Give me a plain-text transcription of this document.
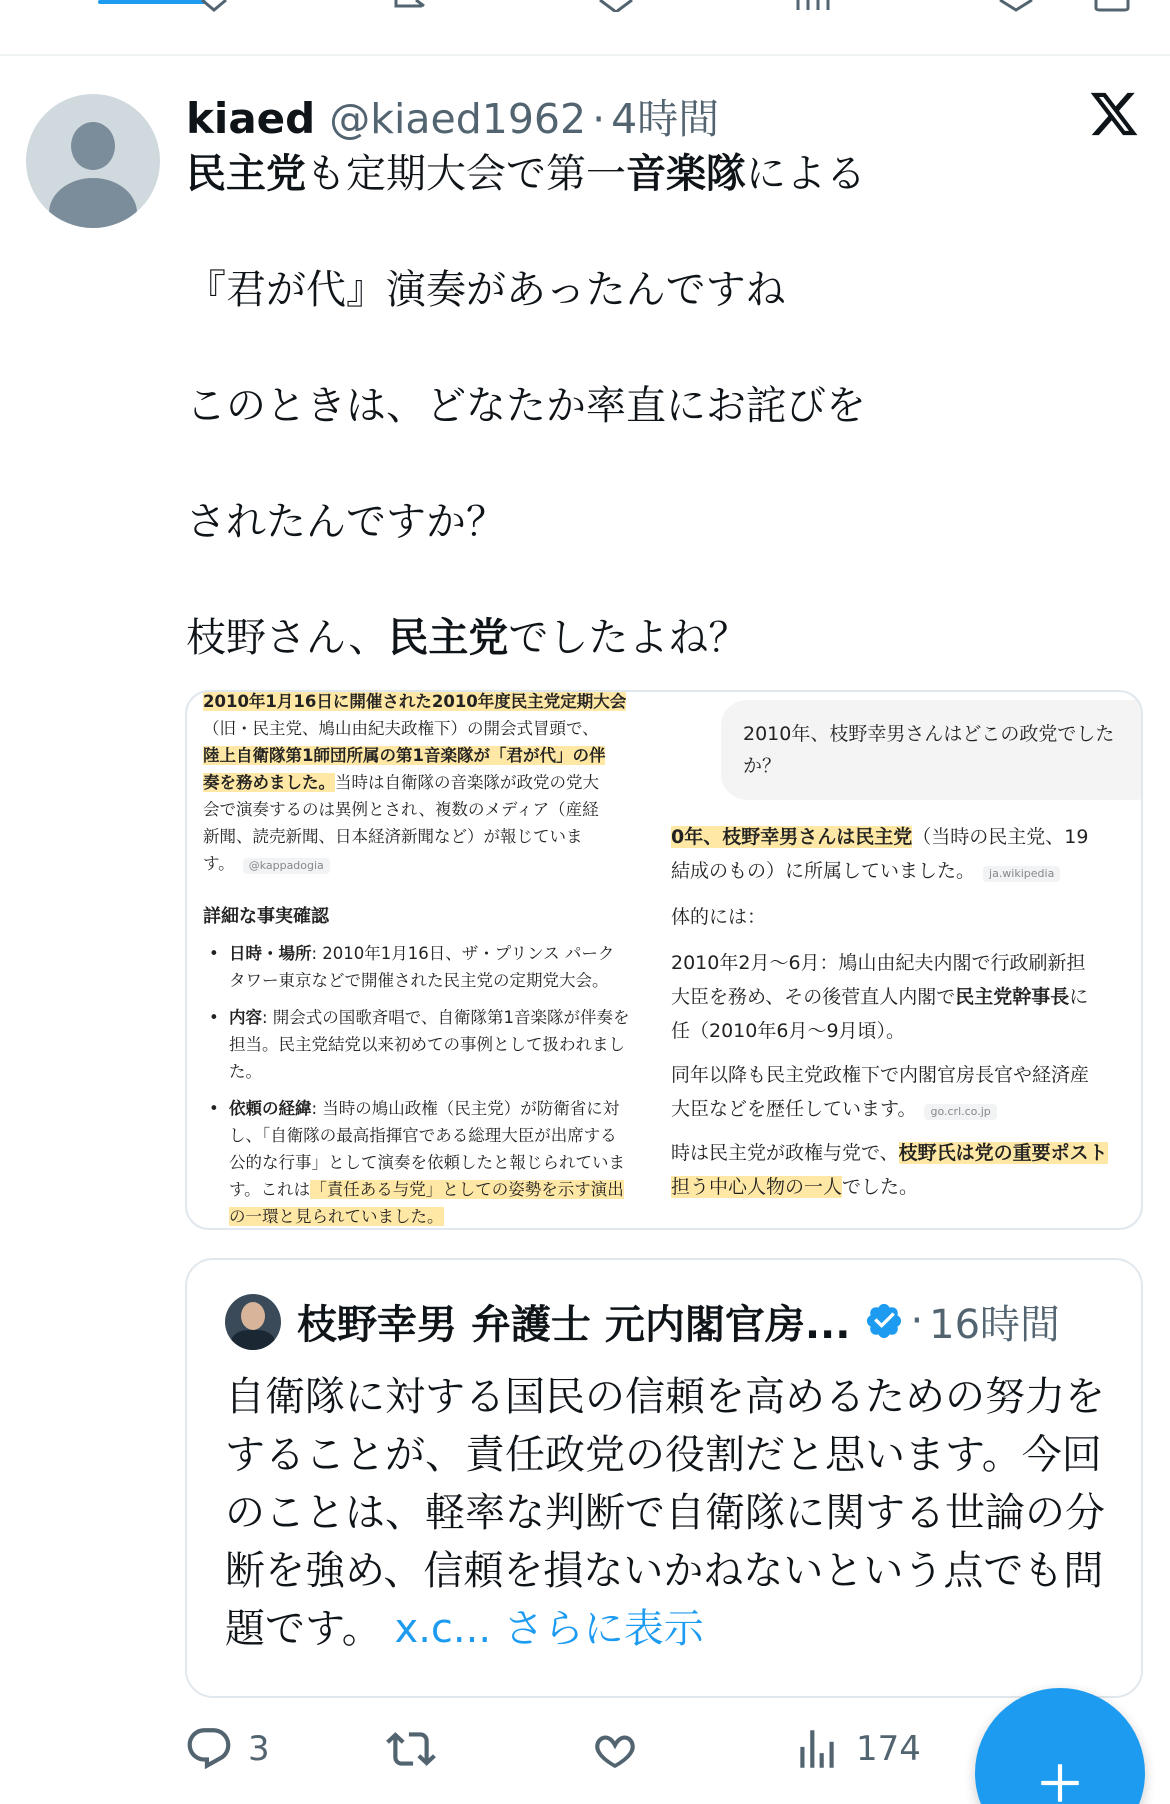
kiaed @kiaed1962 · 4時間

民主党も定期大会で第一音楽隊による

『君が代』演奏があったんですね

このときは、どなたか率直にお詫びを

されたんですか？

枝野さん、民主党でしたよね？

2010年1月16日に開催された2010年度民主党定期大会
（旧・民主党、鳩山由紀夫政権下）の開会式冒頭で、
陸上自衛隊第1師団所属の第1音楽隊が「君が代」の伴
奏を務めました。当時は自衛隊の音楽隊が政党の党大
会で演奏するのは異例とされ、複数のメディア（産経
新聞、読売新聞、日本経済新聞など）が報じていま
す。 @kappadogia
詳細な事実確認
• 日時・場所: 2010年1月16日、ザ・プリンス パーク タワー東京などで開催された民主党の定期党大会。
• 内容: 開会式の国歌斉唱で、自衛隊第1音楽隊が伴奏を担当。民主党結党以来初めての事例として扱われました。
• 依頼の経緯: 当時の鳩山政権（民主党）が防衛省に対し、「自衛隊の最高指揮官である総理大臣が出席する公的な行事」として演奏を依頼したと報じられています。これは「責任ある与党」としての姿勢を示す演出の一環と見られていました。
2010年、枝野幸男さんはどこの政党でしたか？
0年、枝野幸男さんは民主党（当時の民主党、19
結成のもの）に所属していました。 ja.wikipedia
体的には：
2010年2月〜6月：鳩山由紀夫内閣で行政刷新担
大臣を務め、その後菅直人内閣で民主党幹事長に
任（2010年6月〜9月頃）。
同年以降も民主党政権下で内閣官房長官や経済産
大臣などを歴任しています。 go.crl.co.jp
時は民主党が政権与党で、枝野氏は党の重要ポスト
担う中心人物の一人でした。
枝野幸男 弁護士 元内閣官房... · 16時間
自衛隊に対する国民の信頼を高めるための努力をすることが、責任政党の役割だと思います。今回のことは、軽率な判断で自衛隊に関する世論の分断を強め、信頼を損ないかねないという点でも問題です。 x.c... さらに表示
3	174
